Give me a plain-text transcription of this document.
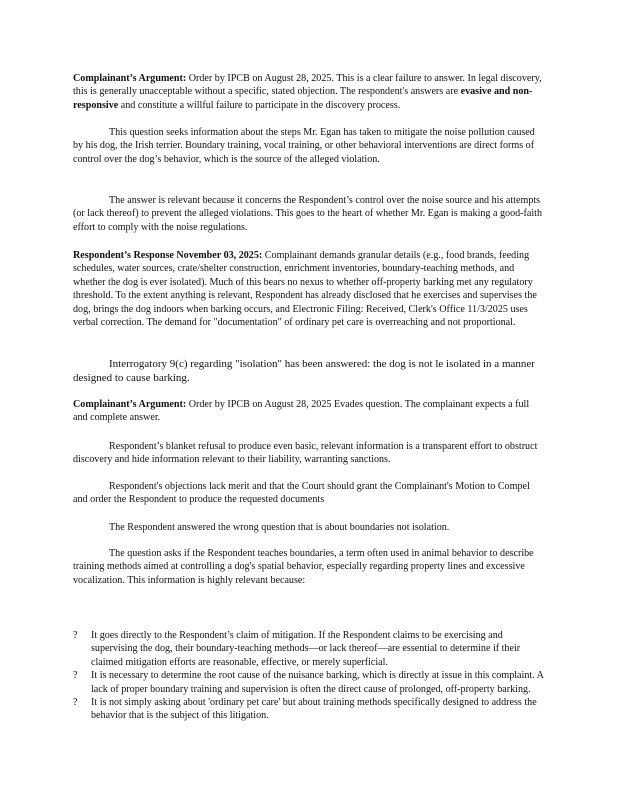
Complainant’s Argument: Order by IPCB on August 28, 2025. This is a clear failure to answer. In legal discovery, this is generally unacceptable without a specific, stated objection. The respondent's answers are evasive and non-responsive and constitute a willful failure to participate in the discovery process.

This question seeks information about the steps Mr. Egan has taken to mitigate the noise pollution caused by his dog, the Irish terrier. Boundary training, vocal training, or other behavioral interventions are direct forms of control over the dog’s behavior, which is the source of the alleged violation.

The answer is relevant because it concerns the Respondent’s control over the noise source and his attempts (or lack thereof) to prevent the alleged violations. This goes to the heart of whether Mr. Egan is making a good-faith effort to comply with the noise regulations.

Respondent’s Response November 03, 2025: Complainant demands granular details (e.g., food brands, feeding schedules, water sources, crate/shelter construction, enrichment inventories, boundary-teaching methods, and whether the dog is ever isolated). Much of this bears no nexus to whether off-property barking met any regulatory threshold. To the extent anything is relevant, Respondent has already disclosed that he exercises and supervises the dog, brings the dog indoors when barking occurs, and Electronic Filing: Received, Clerk's Office 11/3/2025 uses verbal correction. The demand for "documentation" of ordinary pet care is overreaching and not proportional.

Interrogatory 9(c) regarding "isolation" has been answered: the dog is not le isolated in a manner designed to cause barking.

Complainant’s Argument: Order by IPCB on August 28, 2025 Evades question. The complainant expects a full and complete answer.

Respondent’s blanket refusal to produce even basic, relevant information is a transparent effort to obstruct discovery and hide information relevant to their liability, warranting sanctions.

Respondent's objections lack merit and that the Court should grant the Complainant's Motion to Compel and order the Respondent to produce the requested documents

The Respondent answered the wrong question that is about boundaries not isolation.

The question asks if the Respondent teaches boundaries, a term often used in animal behavior to describe training methods aimed at controlling a dog's spatial behavior, especially regarding property lines and excessive vocalization. This information is highly relevant because:

? It goes directly to the Respondent’s claim of mitigation. If the Respondent claims to be exercising and supervising the dog, their boundary-teaching methods—or lack thereof—are essential to determine if their claimed mitigation efforts are reasonable, effective, or merely superficial.
? It is necessary to determine the root cause of the nuisance barking, which is directly at issue in this complaint. A lack of proper boundary training and supervision is often the direct cause of prolonged, off-property barking.
? It is not simply asking about 'ordinary pet care' but about training methods specifically designed to address the behavior that is the subject of this litigation.
